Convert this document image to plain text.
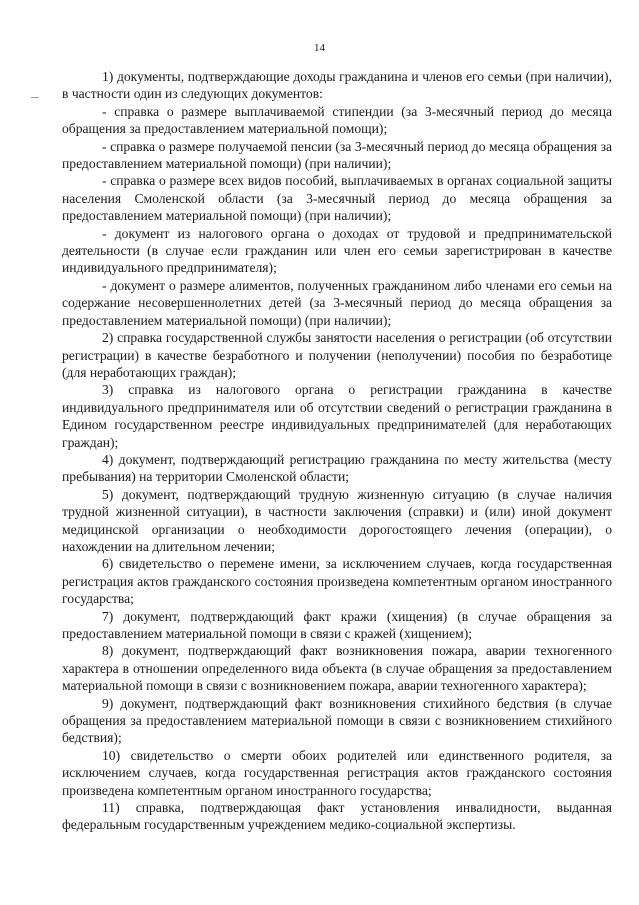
14

1) документы, подтверждающие доходы гражданина и членов его семьи (при наличии), в частности один из следующих документов:

- справка о размере выплачиваемой стипендии (за 3-месячный период до месяца обращения за предоставлением материальной помощи);

- справка о размере получаемой пенсии (за 3-месячный период до месяца обращения за предоставлением материальной помощи) (при наличии);

- справка о размере всех видов пособий, выплачиваемых в органах социальной защиты населения Смоленской области (за 3-месячный период до месяца обращения за предоставлением материальной помощи) (при наличии);

- документ из налогового органа о доходах от трудовой и предпринимательской деятельности (в случае если гражданин или член его семьи зарегистрирован в качестве индивидуального предпринимателя);

- документ о размере алиментов, полученных гражданином либо членами его семьи на содержание несовершеннолетних детей (за 3-месячный период до месяца обращения за предоставлением материальной помощи) (при наличии);

2) справка государственной службы занятости населения о регистрации (об отсутствии регистрации) в качестве безработного и получении (неполучении) пособия по безработице (для неработающих граждан);

3) справка из налогового органа о регистрации гражданина в качестве индивидуального предпринимателя или об отсутствии сведений о регистрации гражданина в Едином государственном реестре индивидуальных предпринимателей (для неработающих граждан);

4) документ, подтверждающий регистрацию гражданина по месту жительства (месту пребывания) на территории Смоленской области;

5) документ, подтверждающий трудную жизненную ситуацию (в случае наличия трудной жизненной ситуации), в частности заключения (справки) и (или) иной документ медицинской организации о необходимости дорогостоящего лечения (операции), о нахождении на длительном лечении;

6) свидетельство о перемене имени, за исключением случаев, когда государственная регистрация актов гражданского состояния произведена компетентным органом иностранного государства;

7) документ, подтверждающий факт кражи (хищения) (в случае обращения за предоставлением материальной помощи в связи с кражей (хищением);

8) документ, подтверждающий факт возникновения пожара, аварии техногенного характера в отношении определенного вида объекта (в случае обращения за предоставлением материальной помощи в связи с возникновением пожара, аварии техногенного характера);

9) документ, подтверждающий факт возникновения стихийного бедствия (в случае обращения за предоставлением материальной помощи в связи с возникновением стихийного бедствия);

10) свидетельство о смерти обоих родителей или единственного родителя, за исключением случаев, когда государственная регистрация актов гражданского состояния произведена компетентным органом иностранного государства;

11) справка, подтверждающая факт установления инвалидности, выданная федеральным государственным учреждением медико-социальной экспертизы.
